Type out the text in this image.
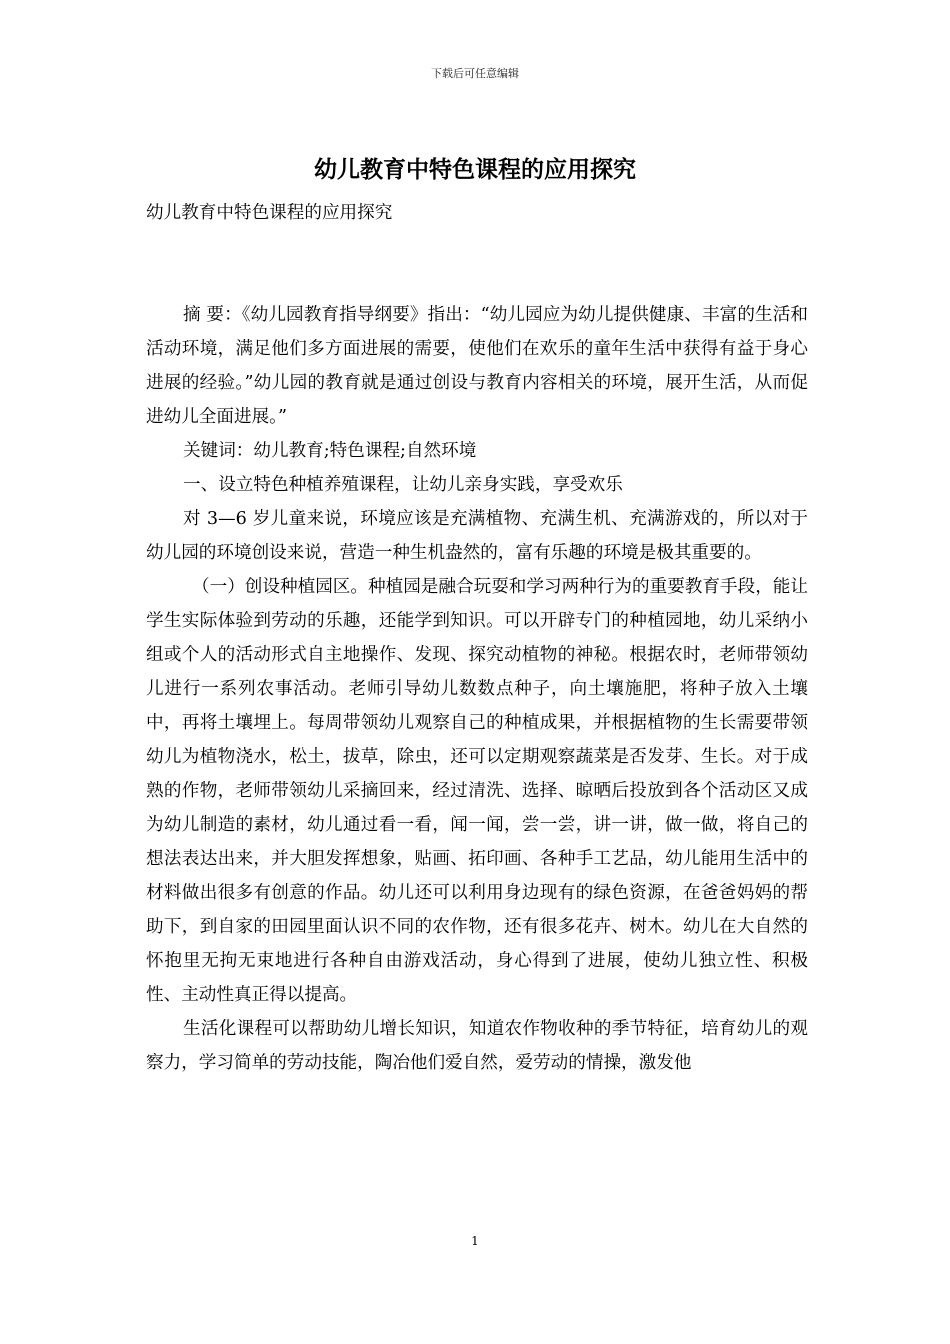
下载后可任意编辑
幼儿教育中特色课程的应用探究

幼儿教育中特色课程的应用探究

摘 要：《幼儿园教育指导纲要》指出：“幼儿园应为幼儿提供健康、丰富的生活和活动环境，满足他们多方面进展的需要，使他们在欢乐的童年生活中获得有益于身心进展的经验。”幼儿园的教育就是通过创设与教育内容相关的环境，展开生活，从而促进幼儿全面进展。”

关键词：幼儿教育;特色课程;自然环境

一、设立特色种植养殖课程，让幼儿亲身实践，享受欢乐

对 3—6 岁儿童来说，环境应该是充满植物、充满生机、充满游戏的，所以对于幼儿园的环境创设来说，营造一种生机盎然的，富有乐趣的环境是极其重要的。

（一）创设种植园区。种植园是融合玩耍和学习两种行为的重要教育手段，能让学生实际体验到劳动的乐趣，还能学到知识。可以开辟专门的种植园地，幼儿采纳小组或个人的活动形式自主地操作、发现、探究动植物的神秘。根据农时，老师带领幼儿进行一系列农事活动。老师引导幼儿数数点种子，向土壤施肥，将种子放入土壤中，再将土壤埋上。每周带领幼儿观察自己的种植成果，并根据植物的生长需要带领幼儿为植物浇水，松土，拔草，除虫，还可以定期观察蔬菜是否发芽、生长。对于成熟的作物，老师带领幼儿采摘回来，经过清洗、选择、晾晒后投放到各个活动区又成为幼儿制造的素材，幼儿通过看一看，闻一闻，尝一尝，讲一讲，做一做，将自己的想法表达出来，并大胆发挥想象，贴画、拓印画、各种手工艺品，幼儿能用生活中的材料做出很多有创意的作品。幼儿还可以利用身边现有的绿色资源，在爸爸妈妈的帮助下，到自家的田园里面认识不同的农作物，还有很多花卉、树木。幼儿在大自然的怀抱里无拘无束地进行各种自由游戏活动，身心得到了进展，使幼儿独立性、积极性、主动性真正得以提高。

生活化课程可以帮助幼儿增长知识，知道农作物收种的季节特征，培育幼儿的观察力，学习简单的劳动技能，陶冶他们爱自然，爱劳动的情操，激发他

1
